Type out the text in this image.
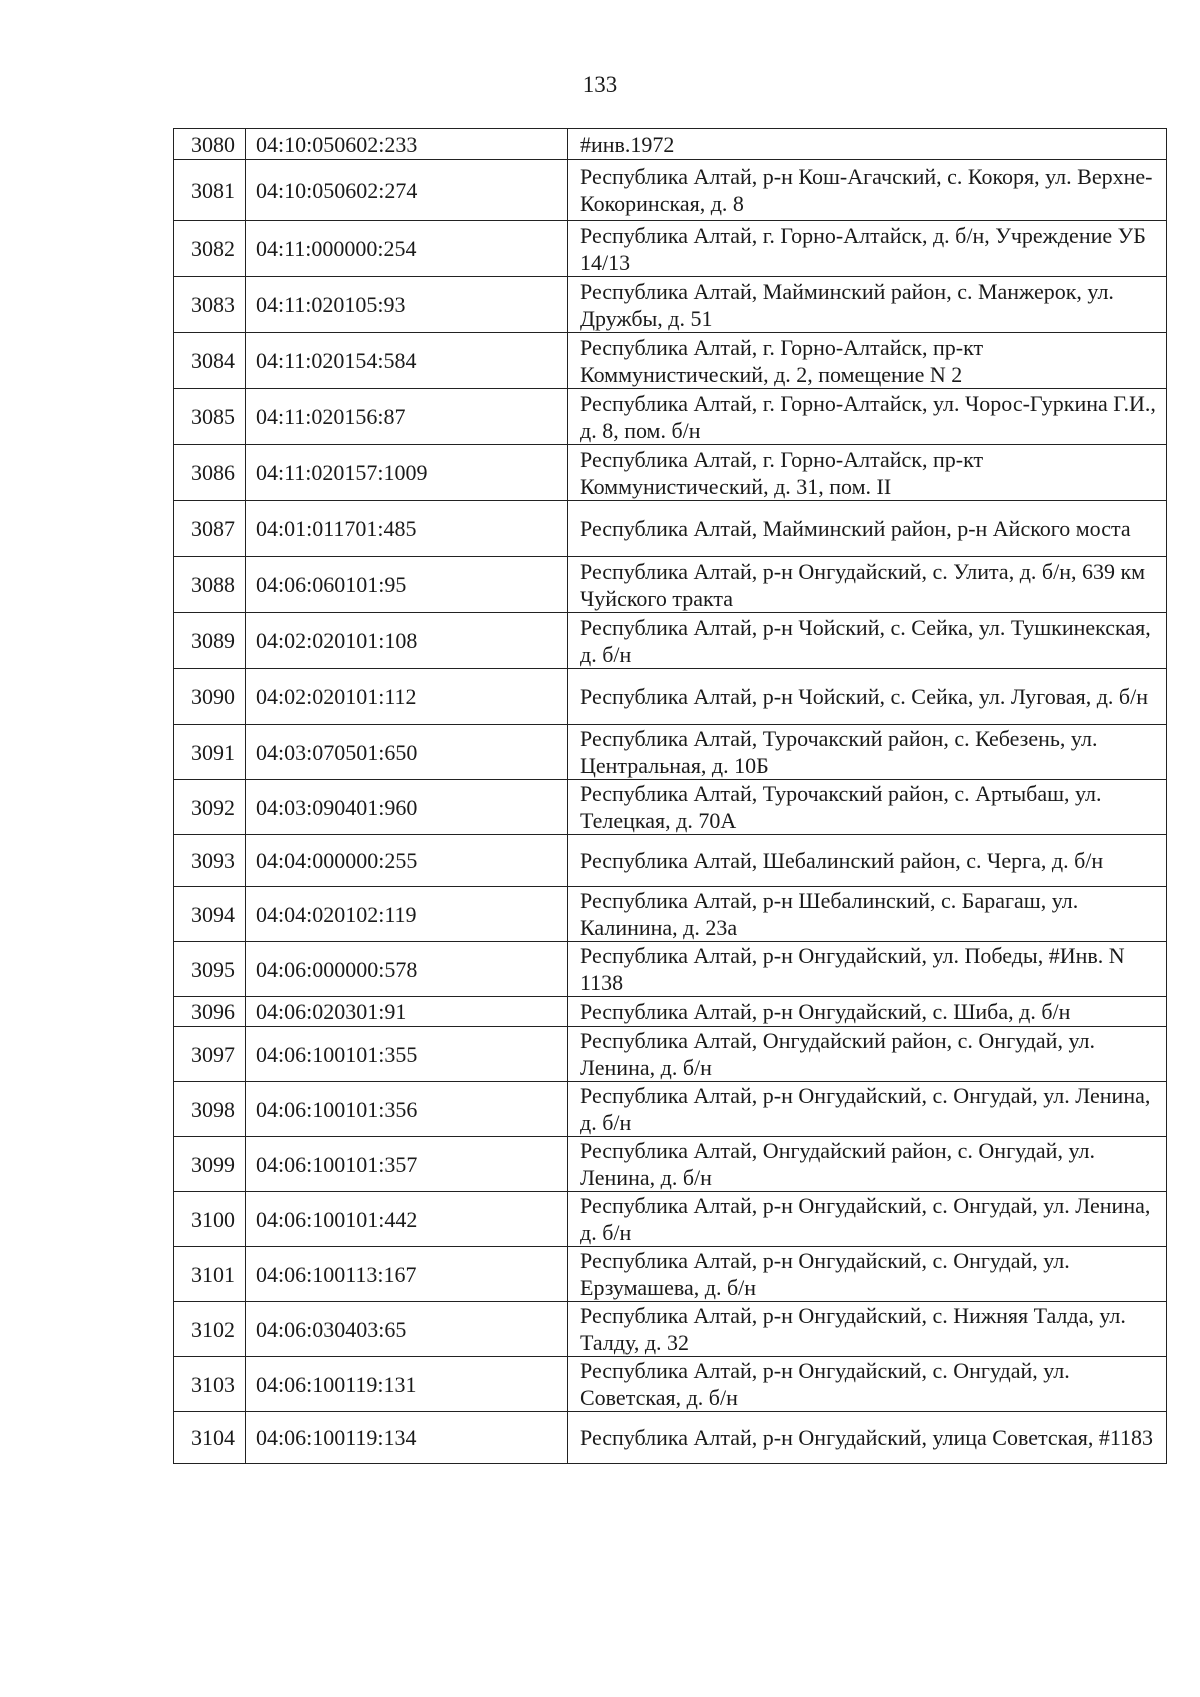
133
3080	04:10:050602:233	#инв.1972
3081	04:10:050602:274	Республика Алтай, р-н Кош-Агачский, с. Кокоря, ул. Верхне-Кокоринская, д. 8
3082	04:11:000000:254	Республика Алтай, г. Горно-Алтайск, д. б/н, Учреждение УБ 14/13
3083	04:11:020105:93	Республика Алтай, Майминский район, с. Манжерок, ул. Дружбы, д. 51
3084	04:11:020154:584	Республика Алтай, г. Горно-Алтайск, пр-кт Коммунистический, д. 2, помещение N 2
3085	04:11:020156:87	Республика Алтай, г. Горно-Алтайск, ул. Чорос-Гуркина Г.И., д. 8, пом. б/н
3086	04:11:020157:1009	Республика Алтай, г. Горно-Алтайск, пр-кт Коммунистический, д. 31, пом. II
3087	04:01:011701:485	Республика Алтай, Майминский район, р-н Айского моста
3088	04:06:060101:95	Республика Алтай, р-н Онгудайский, с. Улита, д. б/н, 639 км Чуйского тракта
3089	04:02:020101:108	Республика Алтай, р-н Чойский, с. Сейка, ул. Тушкинекская, д. б/н
3090	04:02:020101:112	Республика Алтай, р-н Чойский, с. Сейка, ул. Луговая, д. б/н
3091	04:03:070501:650	Республика Алтай, Турочакский район, с. Кебезень, ул. Центральная, д. 10Б
3092	04:03:090401:960	Республика Алтай, Турочакский район, с. Артыбаш, ул. Телецкая, д. 70А
3093	04:04:000000:255	Республика Алтай, Шебалинский район, с. Черга, д. б/н
3094	04:04:020102:119	Республика Алтай, р-н Шебалинский, с. Барагаш, ул. Калинина, д. 23а
3095	04:06:000000:578	Республика Алтай, р-н Онгудайский, ул. Победы, #Инв. N 1138
3096	04:06:020301:91	Республика Алтай, р-н Онгудайский, с. Шиба, д. б/н
3097	04:06:100101:355	Республика Алтай, Онгудайский район, с. Онгудай, ул. Ленина, д. б/н
3098	04:06:100101:356	Республика Алтай, р-н Онгудайский, с. Онгудай, ул. Ленина, д. б/н
3099	04:06:100101:357	Республика Алтай, Онгудайский район, с. Онгудай, ул. Ленина, д. б/н
3100	04:06:100101:442	Республика Алтай, р-н Онгудайский, с. Онгудай, ул. Ленина, д. б/н
3101	04:06:100113:167	Республика Алтай, р-н Онгудайский, с. Онгудай, ул. Ерзумашева, д. б/н
3102	04:06:030403:65	Республика Алтай, р-н Онгудайский, с. Нижняя Талда, ул. Талду, д. 32
3103	04:06:100119:131	Республика Алтай, р-н Онгудайский, с. Онгудай, ул. Советская, д. б/н
3104	04:06:100119:134	Республика Алтай, р-н Онгудайский, улица Советская, #1183
